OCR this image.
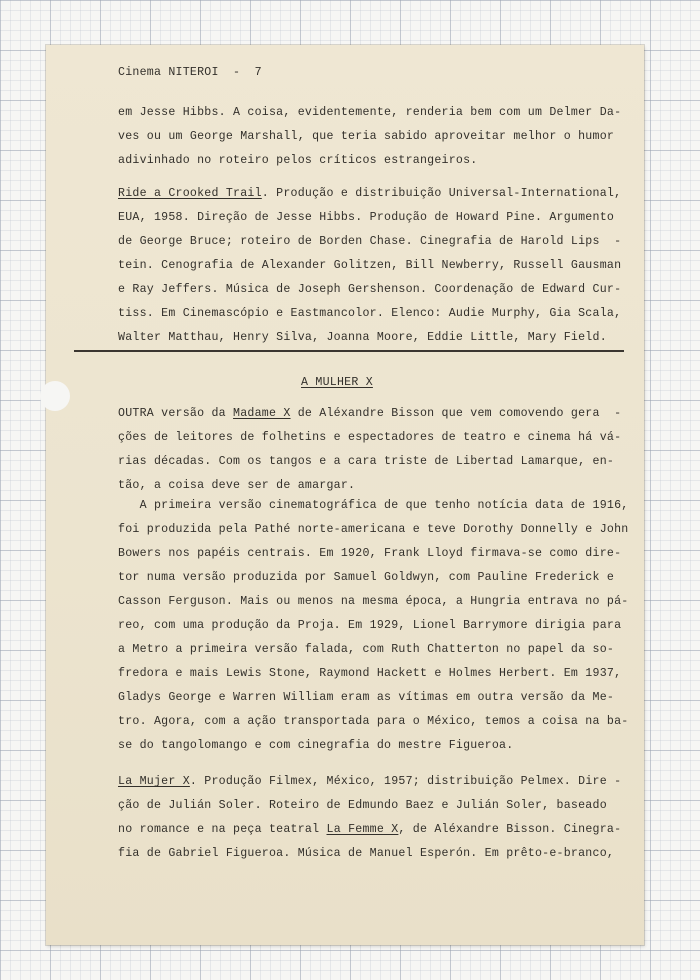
Cinema NITEROI  -  7
em Jesse Hibbs. A coisa, evidentemente, renderia bem com um Delmer Da-
ves ou um George Marshall, que teria sabido aproveitar melhor o humor
adivinhado no roteiro pelos críticos estrangeiros.
Ride a Crooked Trail. Produção e distribuição Universal-International,
EUA, 1958. Direção de Jesse Hibbs. Produção de Howard Pine. Argumento
de George Bruce; roteiro de Borden Chase. Cinegrafia de Harold Lips  -
tein. Cenografia de Alexander Golitzen, Bill Newberry, Russell Gausman
e Ray Jeffers. Música de Joseph Gershenson. Coordenação de Edward Cur-
tiss. Em Cinemascópio e Eastmancolor. Elenco: Audie Murphy, Gia Scala,
Walter Matthau, Henry Silva, Joanna Moore, Eddie Little, Mary Field.
A MULHER X
OUTRA versão da Madame X de Aléxandre Bisson que vem comovendo gera  -
ções de leitores de folhetins e espectadores de teatro e cinema há vá-
rias décadas. Com os tangos e a cara triste de Libertad Lamarque, en-
tão, a coisa deve ser de amargar.
A primeira versão cinematográfica de que tenho notícia data de 1916,
foi produzida pela Pathé norte-americana e teve Dorothy Donnelly e John
Bowers nos papéis centrais. Em 1920, Frank Lloyd firmava-se como dire-
tor numa versão produzida por Samuel Goldwyn, com Pauline Frederick e
Casson Ferguson. Mais ou menos na mesma época, a Hungria entrava no pá-
reo, com uma produção da Proja. Em 1929, Lionel Barrymore dirigia para
a Metro a primeira versão falada, com Ruth Chatterton no papel da so-
fredora e mais Lewis Stone, Raymond Hackett e Holmes Herbert. Em 1937,
Gladys George e Warren William eram as vítimas em outra versão da Me-
tro. Agora, com a ação transportada para o México, temos a coisa na ba-
se do tangolomango e com cinegrafia do mestre Figueroa.
La Mujer X. Produção Filmex, México, 1957; distribuição Pelmex. Dire -
ção de Julián Soler. Roteiro de Edmundo Baez e Julián Soler, baseado
no romance e na peça teatral La Femme X, de Aléxandre Bisson. Cinegra-
fia de Gabriel Figueroa. Música de Manuel Esperón. Em prêto-e-branco,
